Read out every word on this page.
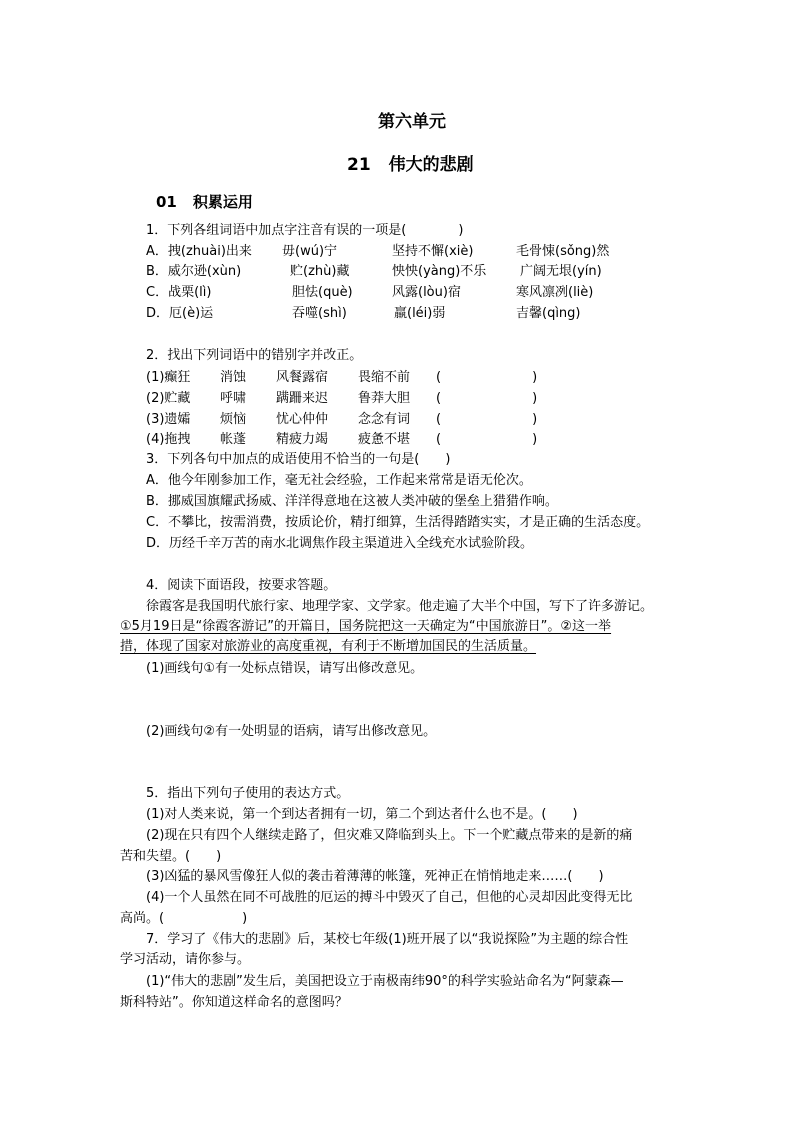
第六单元
21 伟大的悲剧
01 积累运用
1．下列各组词语中加点字注音有误的一项是(　　　　)
A．拽(zhuài)出来 毋(wú)宁	坚持不懈(xiè)	毛骨悚(sǒng)然
B．威尔逊(xùn)	贮(zhù)藏	怏怏(yàng)不乐	广阔无垠(yín)
C．战栗(lì)	胆怯(què)	风露(lòu)宿	寒风凛冽(liè)
D．厄(è)运	吞噬(shì)	羸(léi)弱	吉馨(qìng)
2．找出下列词语中的错别字并改正。
(1)癫狂 消蚀 风餐露宿 畏缩不前 (　　　　　　　)
(2)贮藏 呼啸 蹒跚来迟 鲁莽大胆 (　　　　　　　)
(3)遗孀 烦恼 忧心仲仲 念念有词 (　　　　　　　)
(4)拖拽 帐蓬 精疲力竭 疲惫不堪 (　　　　　　　)
3．下列各句中加点的成语使用不恰当的一句是(　　)
A．他今年刚参加工作，毫无社会经验，工作起来常常是语无伦次。
B．挪威国旗耀武扬威、洋洋得意地在这被人类冲破的堡垒上猎猎作响。
C．不攀比，按需消费，按质论价，精打细算，生活得踏踏实实，才是正确的生活态度。
D．历经千辛万苦的南水北调焦作段主渠道进入全线充水试验阶段。
4．阅读下面语段，按要求答题。
徐霞客是我国明代旅行家、地理学家、文学家。他走遍了大半个中国，写下了许多游记。
①5月19日是“徐霞客游记”的开篇日，国务院把这一天确定为“中国旅游日”。②这一举
措，体现了国家对旅游业的高度重视，有利于不断增加国民的生活质量。
(1)画线句①有一处标点错误，请写出修改意见。
(2)画线句②有一处明显的语病，请写出修改意见。
5．指出下列句子使用的表达方式。
(1)对人类来说，第一个到达者拥有一切，第二个到达者什么也不是。(　　)
(2)现在只有四个人继续走路了，但灾难又降临到头上。下一个贮藏点带来的是新的痛
苦和失望。(　　)
(3)凶猛的暴风雪像狂人似的袭击着薄薄的帐篷，死神正在悄悄地走来……(　　)
(4)一个人虽然在同不可战胜的厄运的搏斗中毁灭了自己，但他的心灵却因此变得无比
高尚。(　　　　　　)
7．学习了《伟大的悲剧》后，某校七年级(1)班开展了以“我说探险”为主题的综合性
学习活动，请你参与。
(1)“伟大的悲剧”发生后，美国把设立于南极南纬90°的科学实验站命名为“阿蒙森—
斯科特站”。你知道这样命名的意图吗？
